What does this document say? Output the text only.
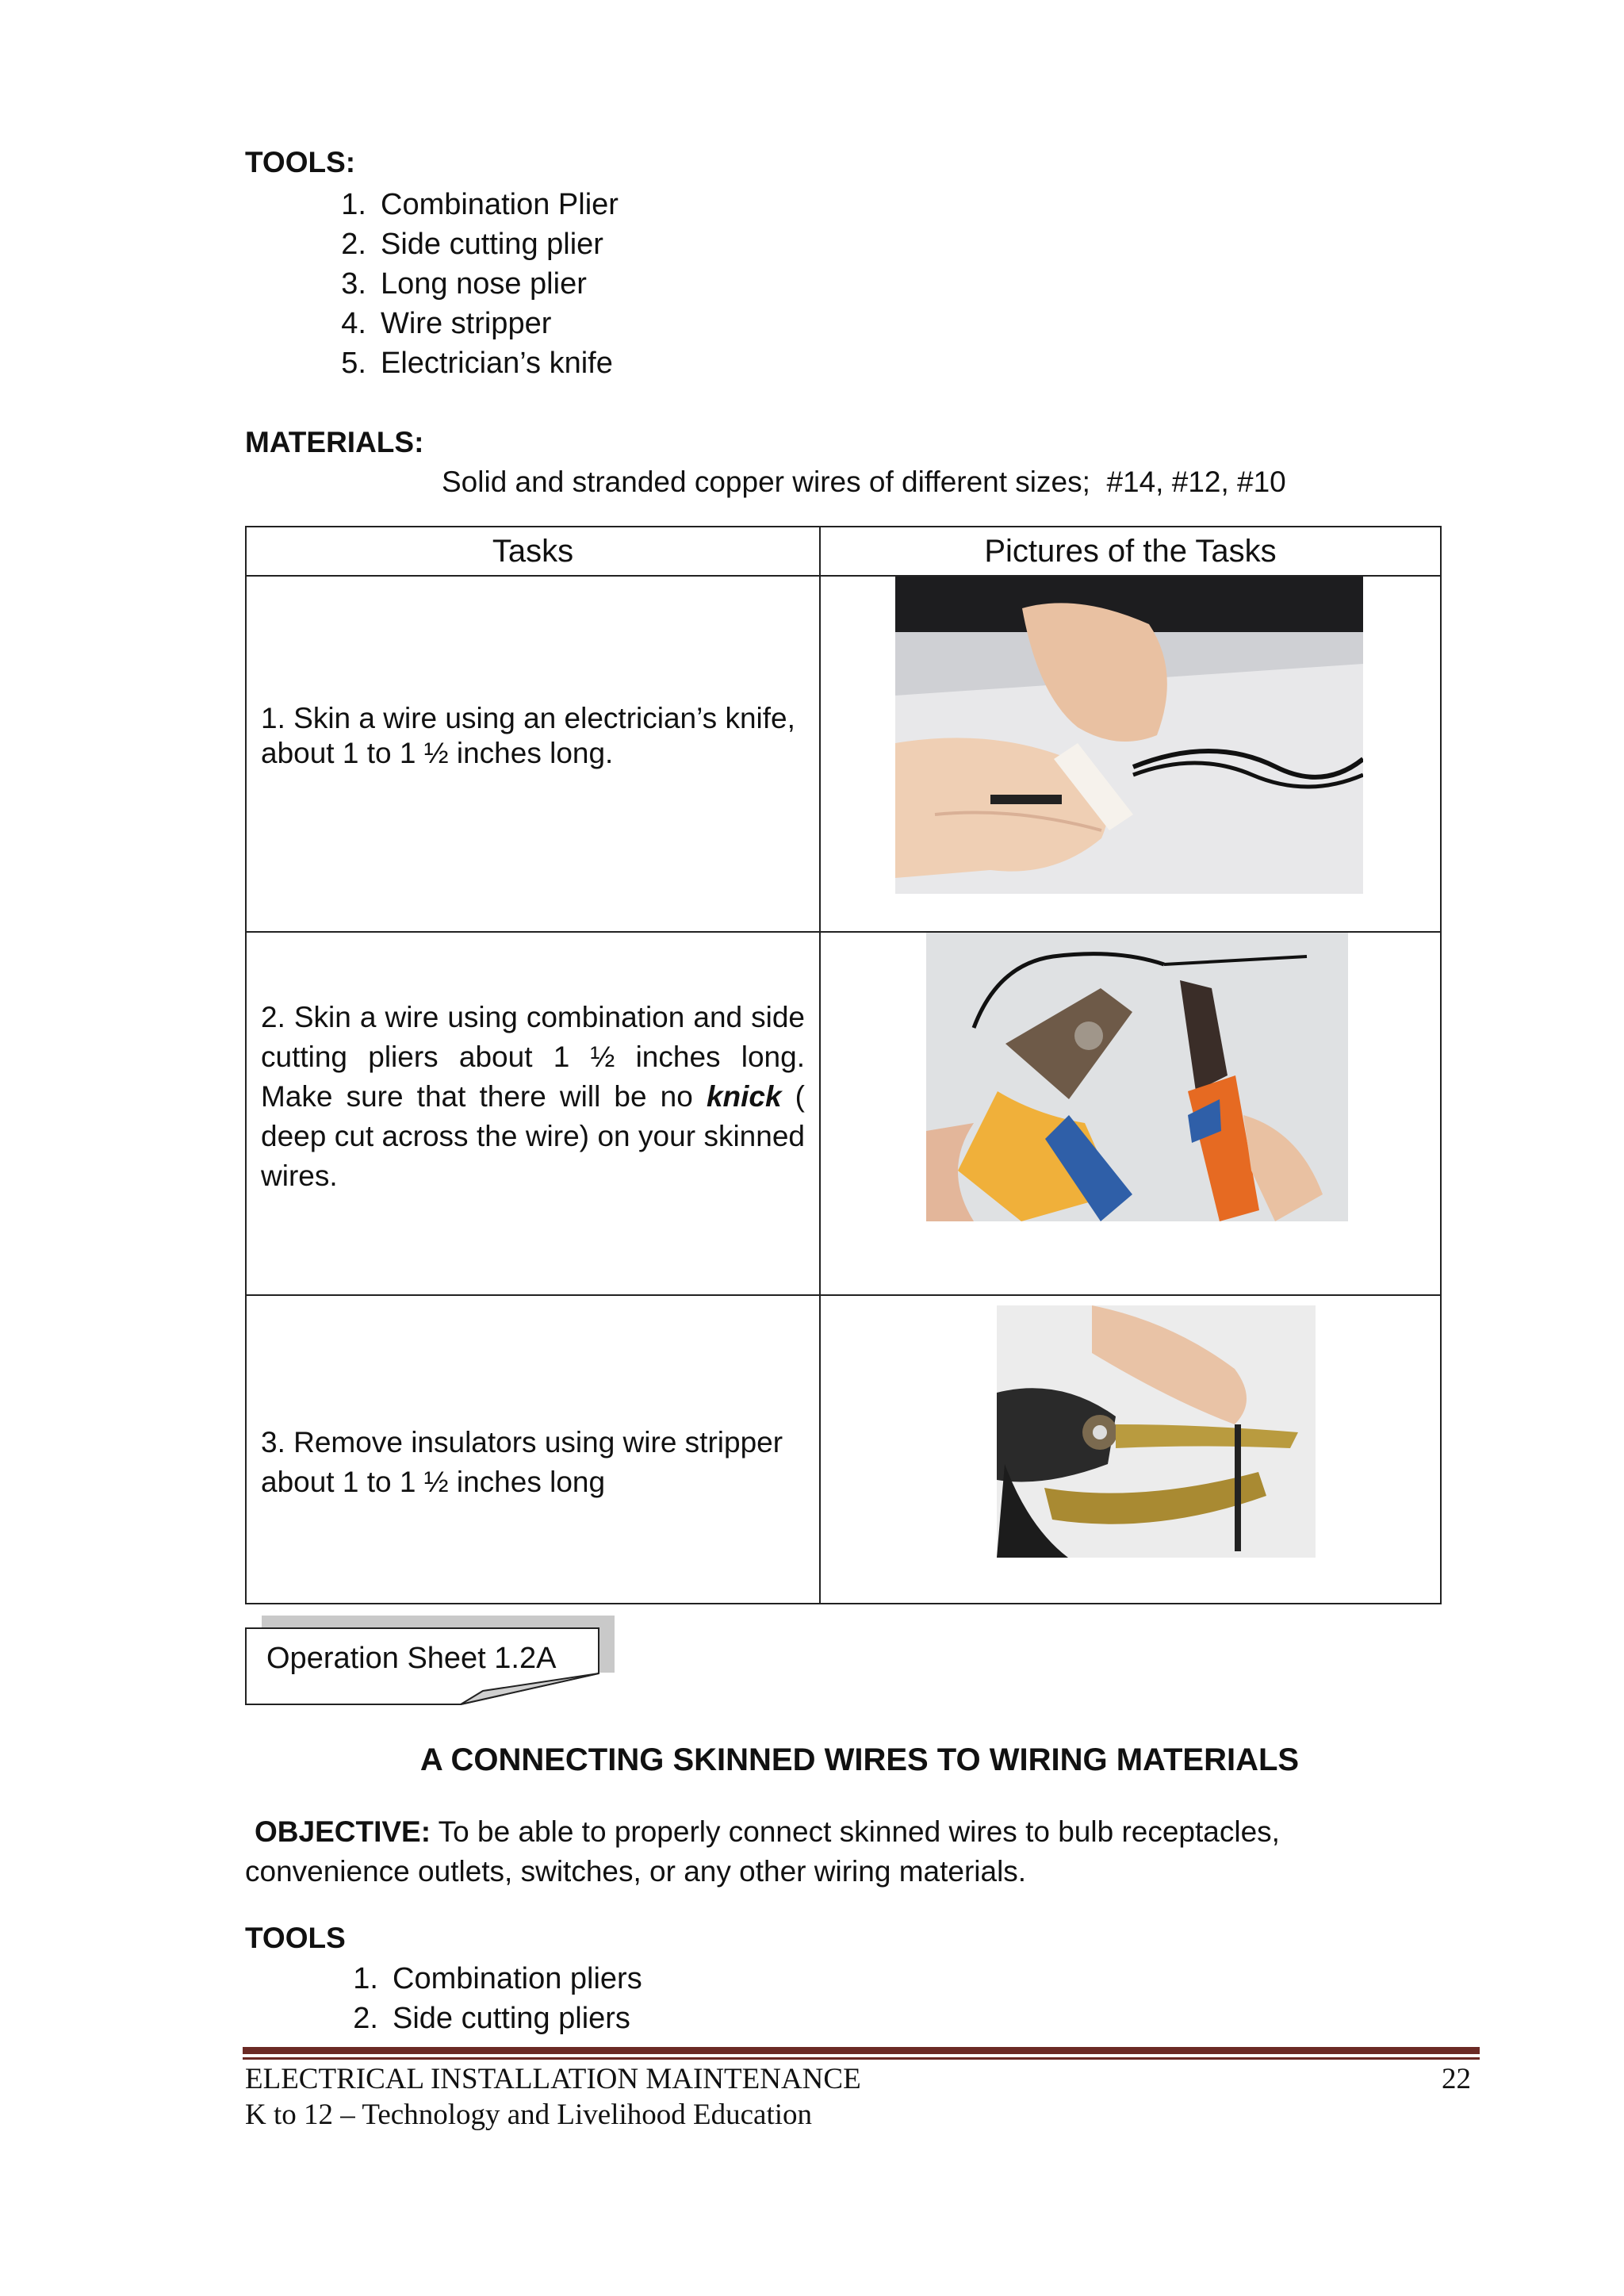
TOOLS:
1. Combination Plier
2. Side cutting plier
3. Long nose plier
4. Wire stripper
5. Electrician’s knife
MATERIALS:
Solid and stranded copper wires of different sizes;  #14, #12, #10
Tasks	Pictures of the Tasks

1. Skin a wire using an electrician’s knife, about 1 to 1 ½ inches long.

2. Skin a wire using combination and side cutting pliers about 1 ½ inches long. Make sure that there will be no knick ( deep cut across the wire) on your skinned wires.

3. Remove insulators using wire stripper about 1 to 1 ½ inches long

Operation Sheet 1.2A
A CONNECTING SKINNED WIRES TO WIRING MATERIALS
OBJECTIVE: To be able to properly connect skinned wires to bulb receptacles, convenience outlets, switches, or any other wiring materials.
TOOLS
1. Combination pliers
2. Side cutting pliers
ELECTRICAL INSTALLATION MAINTENANCE
K to 12 – Technology and Livelihood Education
22
